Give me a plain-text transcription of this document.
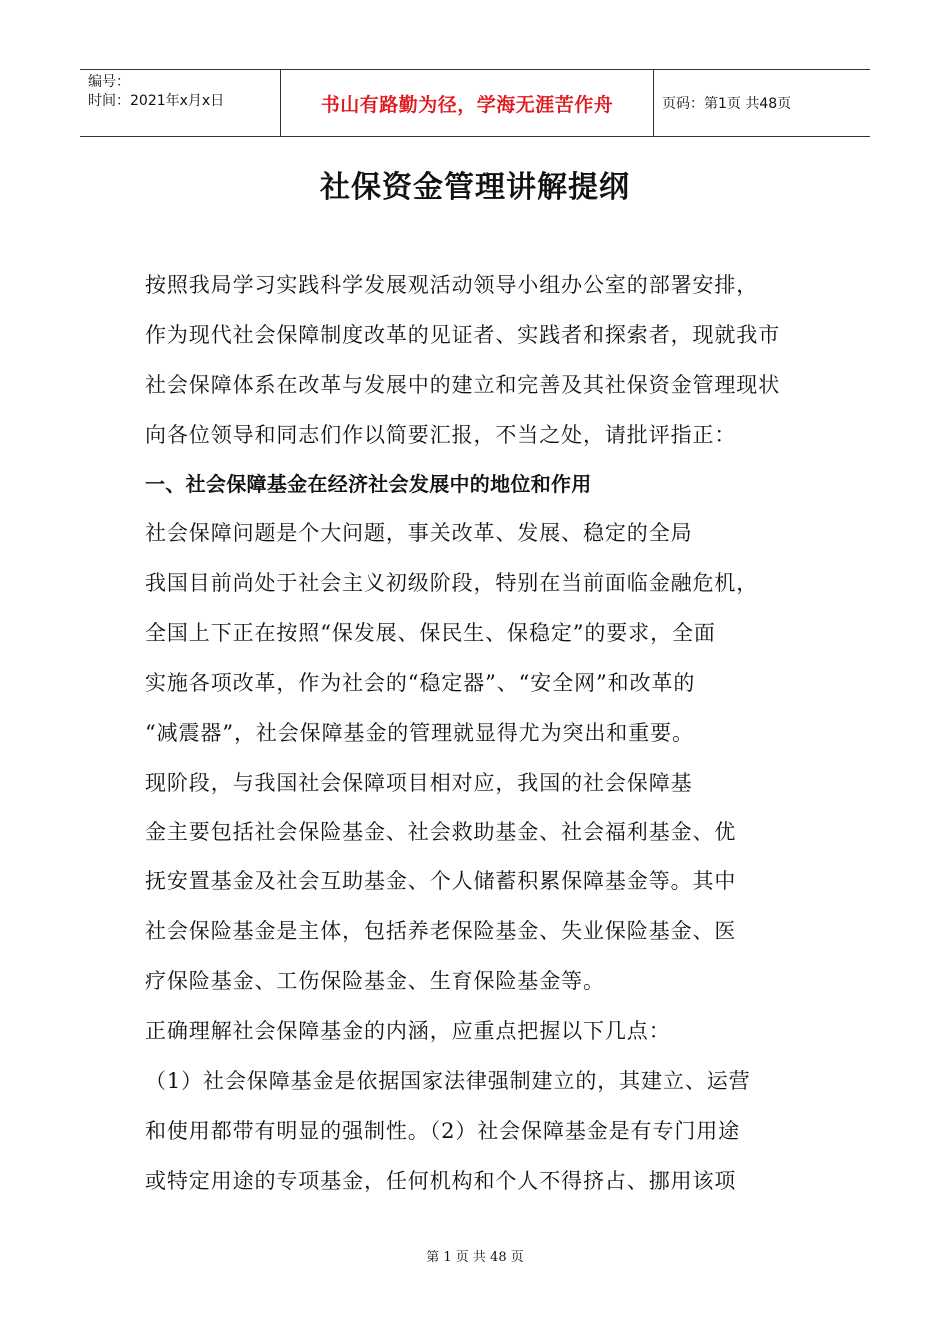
编号：
时间：2021年x月x日	书山有路勤为径，学海无涯苦作舟	页码：第1页 共48页
社保资金管理讲解提纲
按照我局学习实践科学发展观活动领导小组办公室的部署安排，
作为现代社会保障制度改革的见证者、实践者和探索者，现就我市
社会保障体系在改革与发展中的建立和完善及其社保资金管理现状
向各位领导和同志们作以简要汇报，不当之处，请批评指正：
一、社会保障基金在经济社会发展中的地位和作用
社会保障问题是个大问题，事关改革、发展、稳定的全局
我国目前尚处于社会主义初级阶段，特别在当前面临金融危机，
全国上下正在按照“保发展、保民生、保稳定”的要求，全面
实施各项改革，作为社会的“稳定器”、“安全网”和改革的
“减震器”，社会保障基金的管理就显得尤为突出和重要。
现阶段，与我国社会保障项目相对应，我国的社会保障基
金主要包括社会保险基金、社会救助基金、社会福利基金、优
抚安置基金及社会互助基金、个人储蓄积累保障基金等。其中
社会保险基金是主体，包括养老保险基金、失业保险基金、医
疗保险基金、工伤保险基金、生育保险基金等。
正确理解社会保障基金的内涵，应重点把握以下几点：
（1）社会保障基金是依据国家法律强制建立的，其建立、运营
和使用都带有明显的强制性。（2）社会保障基金是有专门用途
或特定用途的专项基金，任何机构和个人不得挤占、挪用该项
第 1 页 共 48 页
